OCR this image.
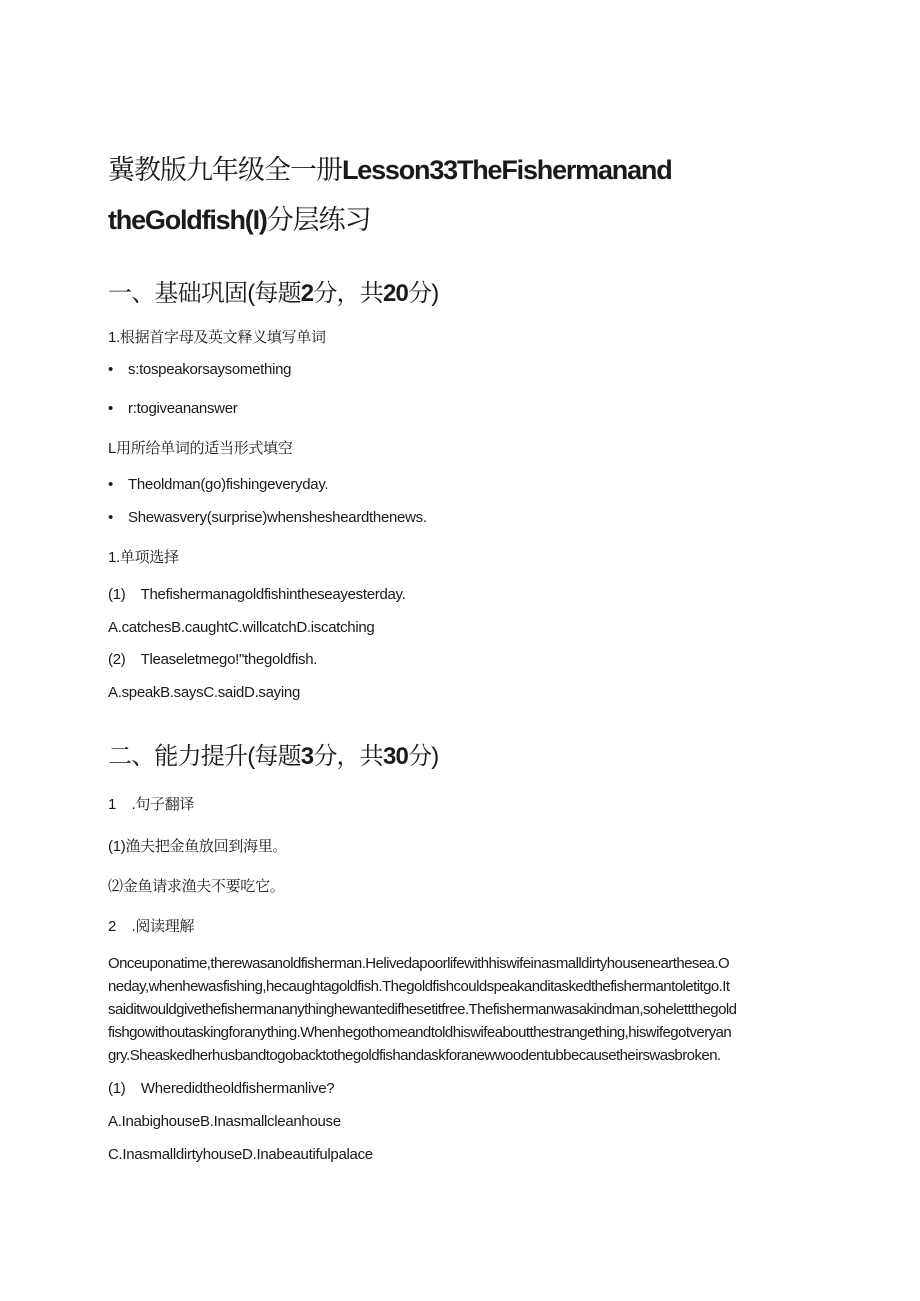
冀教版九年级全一册Lesson33TheFishermanand
theGoldfish(I)分层练习
一、基础巩固(每题2分，共20分)
1.根据首字母及英文释义填写单词
• s:tospeakorsaysomething
• r:togiveananswer
L用所给单词的适当形式填空
• Theoldman(go)fishingeveryday.
• Shewasvery(surprise)whenshesheardthenews.
1.单项选择
(1)    Thefishermanagoldfishintheseayesterday.
A.catchesB.caughtC.willcatchD.iscatching
(2)    Tleaseletmego!"thegoldfish.
A.speakB.saysC.saidD.saying
二、能力提升(每题3分，共30分)
1    .句子翻译
(1)渔夫把金鱼放回到海里。
⑵金鱼请求渔夫不要吃它。
2    .阅读理解
Onceuponatime,therewasanoldfisherman.Helivedapoorlifewithhiswifeinasmalldirtyhousenearthesea.O
neday,whenhewasfishing,hecaughtagoldfish.Thegoldfishcouldspeakanditaskedthefishermantoletitgo.It
saiditwouldgivethefishermananythinghewantedifhesetitfree.Thefishermanwasakindman,sohelettthegold
fishgowithoutaskingforanything.Whenhegothomeandtoldhiswifeaboutthestrangething,hiswifegotveryan
gry.Sheaskedherhusbandtogobacktothegoldfishandaskforanewwoodentubbecausetheirswasbroken.
(1)    Wheredidtheoldfishermanlive?
A.InabighouseB.Inasmallcleanhouse
C.InasmalldirtyhouseD.Inabeautifulpalace
